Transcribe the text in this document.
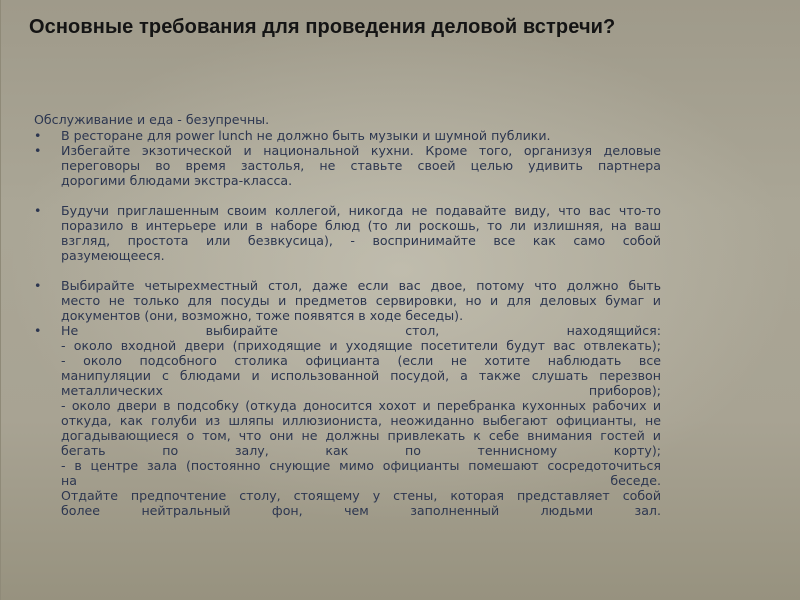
Основные требования для проведения деловой встречи?
Обслуживание и еда - безупречны.
• В ресторане для power lunch не должно быть музыки и шумной публики.
• Избегайте экзотической и национальной кухни. Кроме того, организуя деловые
переговоры во время застолья, не ставьте своей целью удивить партнера
дорогими блюдами экстра-класса.
• Будучи приглашенным своим коллегой, никогда не подавайте виду, что вас что-то
поразило в интерьере или в наборе блюд (то ли роскошь, то ли излишняя, на ваш
взгляд, простота или безвкусица), - воспринимайте все как само собой
разумеющееся.
• Выбирайте четырехместный стол, даже если вас двое, потому что должно быть
место не только для посуды и предметов сервировки, но и для деловых бумаг и
документов (они, возможно, тоже появятся в ходе беседы).
• Не выбирайте стол, находящийся:
- около входной двери (приходящие и уходящие посетители будут вас отвлекать);
- около подсобного столика официанта (если не хотите наблюдать все
манипуляции с блюдами и использованной посудой, а также слушать перезвон
металлических приборов);
- около двери в подсобку (откуда доносится хохот и перебранка кухонных рабочих и
откуда, как голуби из шляпы иллюзиониста, неожиданно выбегают официанты, не
догадывающиеся о том, что они не должны привлекать к себе внимания гостей и
бегать по залу, как по теннисному корту);
- в центре зала (постоянно снующие мимо официанты помешают сосредоточиться
на беседе.
Отдайте предпочтение столу, стоящему у стены, которая представляет собой
более нейтральный фон, чем заполненный людьми зал.
